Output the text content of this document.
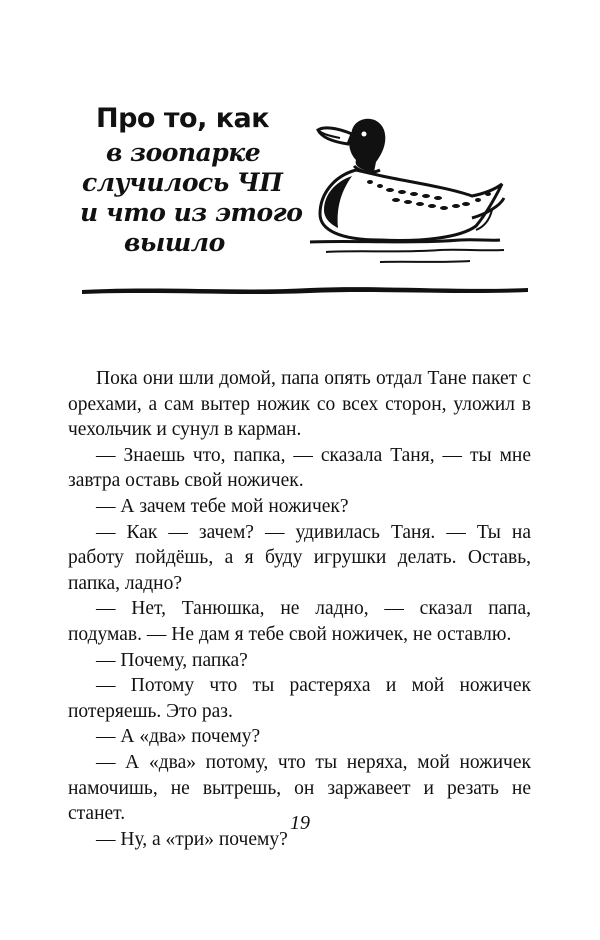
Про то, как

в зоопарке

случилось ЧП

и что из этого

вышло

Пока они шли домой, папа опять отдал Тане пакет с орехами, а сам вытер ножик со всех сторон, уложил в чехольчик и сунул в карман.

— Знаешь что, папка, — сказала Таня, — ты мне завтра оставь свой ножичек.

— А зачем тебе мой ножичек?

— Как — зачем? — удивилась Таня. — Ты на работу пойдёшь, а я буду игрушки делать. Оставь, папка, ладно?

— Нет, Танюшка, не ладно, — сказал папа, подумав. — Не дам я тебе свой ножичек, не оставлю.

— Почему, папка?

— Потому что ты растеряха и мой ножичек потеряешь. Это раз.

— А «два» почему?

— А «два» потому, что ты неряха, мой ножичек намочишь, не вытрешь, он заржавеет и резать не станет.

— Ну, а «три» почему?

19
